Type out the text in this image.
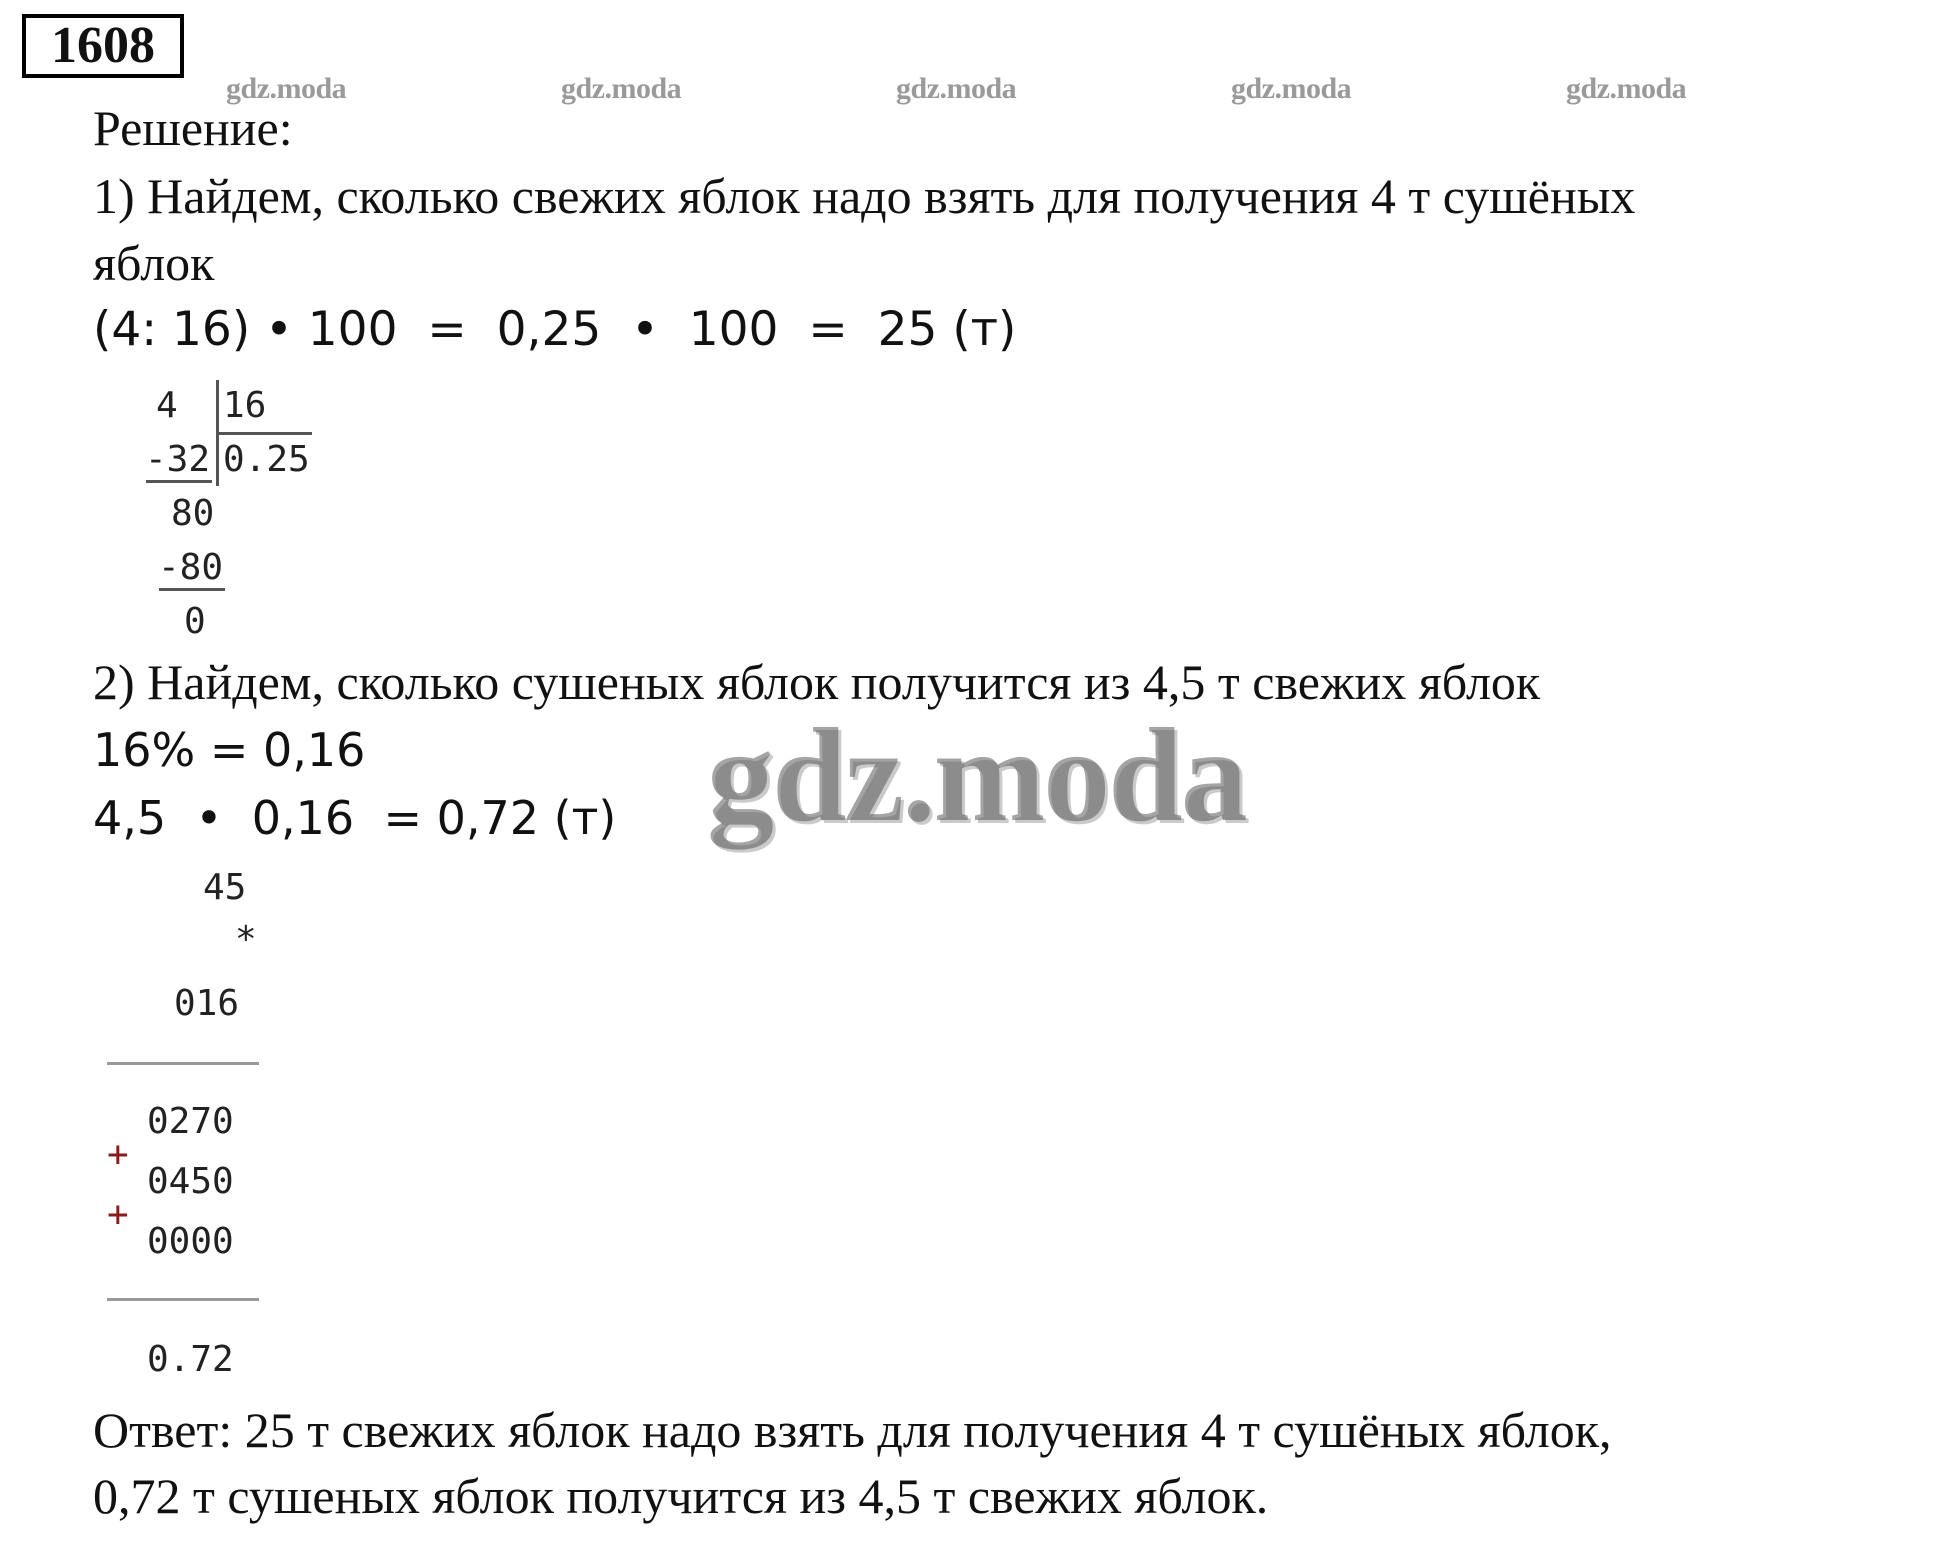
1608
gdz.moda	gdz.moda	gdz.moda	gdz.moda	gdz.moda
Решение:
1) Найдем, сколько свежих яблок надо взять для получения 4 т сушёных
яблок
(4: 16) • 100  =  0,25  •  100  =  25 (т)
4 16
-32 0.25
80
-80
0
2) Найдем, сколько сушеных яблок получится из 4,5 т свежих яблок
16% = 0,16
4,5  •  0,16  = 0,72 (т) gdz.moda
45
*
016
0270
+
0450
+
0000
0.72
Ответ: 25 т свежих яблок надо взять для получения 4 т сушёных яблок,
0,72 т сушеных яблок получится из 4,5 т свежих яблок.
